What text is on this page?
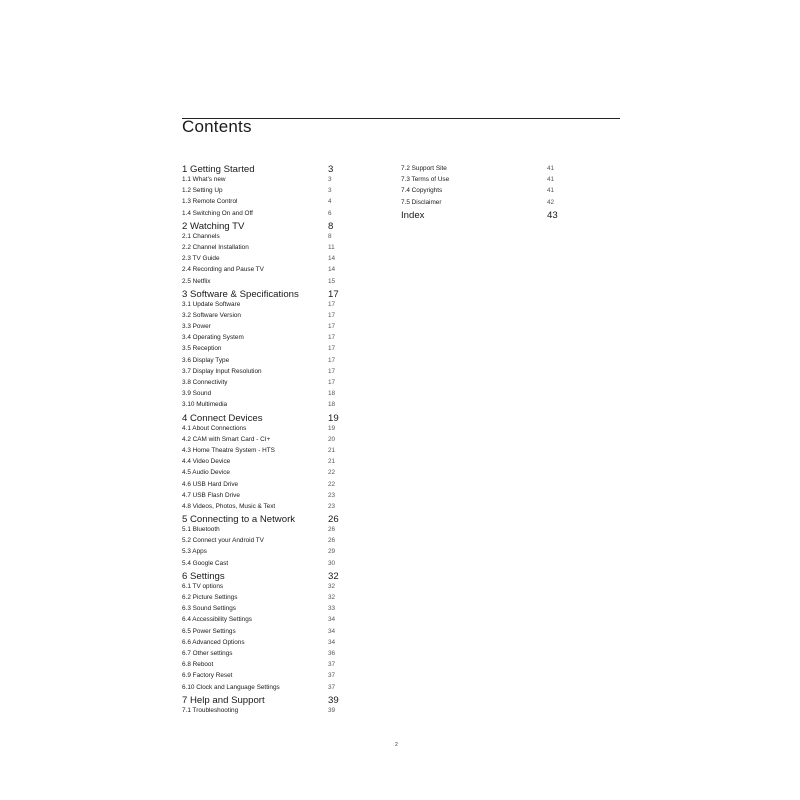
Contents
1 Getting Started	3
1.1 What's new	3
1.2 Setting Up	3
1.3 Remote Control	4
1.4 Switching On and Off	6
2 Watching TV	8
2.1 Channels	8
2.2 Channel Installation	11
2.3 TV Guide	14
2.4 Recording and Pause TV	14
2.5 Netflix	15
3 Software & Specifications	17
3.1 Update Software	17
3.2 Software Version	17
3.3 Power	17
3.4 Operating System	17
3.5 Reception	17
3.6 Display Type	17
3.7 Display Input Resolution	17
3.8 Connectivity	17
3.9 Sound	18
3.10 Multimedia	18
4 Connect Devices	19
4.1 About Connections	19
4.2 CAM with Smart Card - CI+	20
4.3 Home Theatre System - HTS	21
4.4 Video Device	21
4.5 Audio Device	22
4.6 USB Hard Drive	22
4.7 USB Flash Drive	23
4.8 Videos, Photos, Music & Text	23
5 Connecting to a Network	26
5.1 Bluetooth	26
5.2 Connect your Android TV	26
5.3 Apps	29
5.4 Google Cast	30
6 Settings	32
6.1 TV options	32
6.2 Picture Settings	32
6.3 Sound Settings	33
6.4 Accessibility Settings	34
6.5 Power Settings	34
6.6 Advanced Options	34
6.7 Other settings	36
6.8 Reboot	37
6.9 Factory Reset	37
6.10 Clock and Language Settings	37
7 Help and Support	39
7.1 Troubleshooting	39
7.2 Support Site	41
7.3 Terms of Use	41
7.4 Copyrights	41
7.5 Disclaimer	42
Index	43
2
